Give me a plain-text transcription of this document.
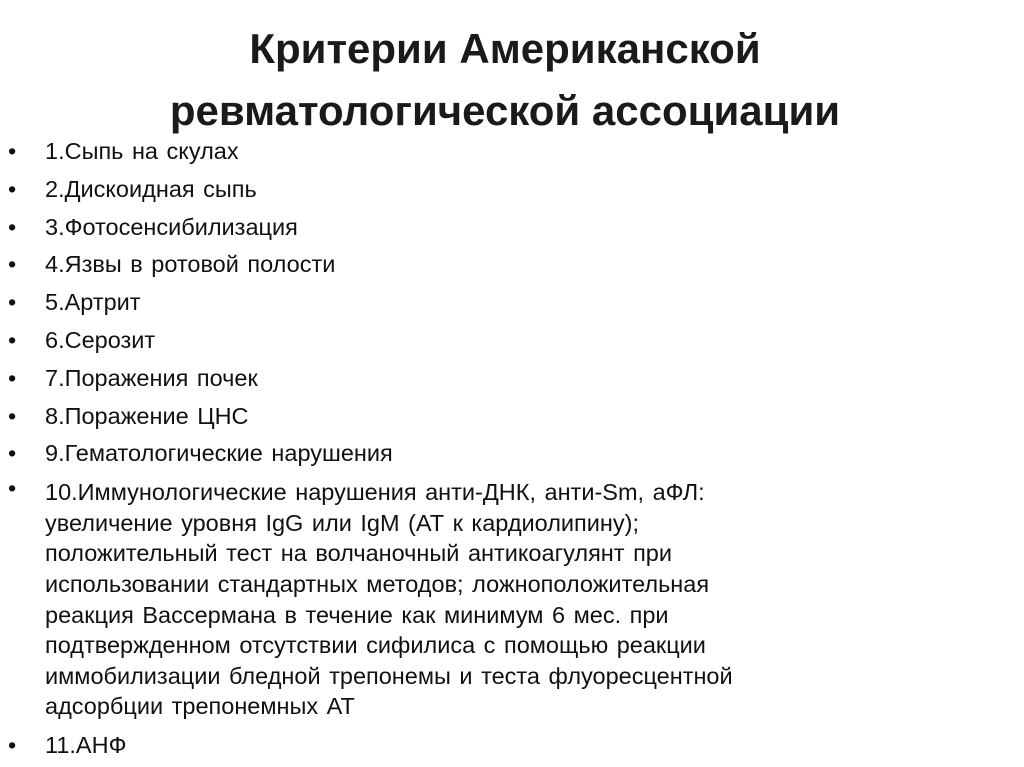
Критерии Американской
ревматологической ассоциации
• 1.Сыпь на скулах
• 2.Дискоидная сыпь
• 3.Фотосенсибилизация
• 4.Язвы в ротовой полости
• 5.Артрит
• 6.Серозит
• 7.Поражения почек
• 8.Поражение ЦНС
• 9.Гематологические нарушения
• 10.Иммунологические нарушения анти-ДНК, анти-Sm, аФЛ:
увеличение уровня IgG или IgM (АТ к кардиолипину);
положительный тест на волчаночный антикоагулянт при
использовании стандартных методов; ложноположительная
реакция Вассермана в течение как минимум 6 мес. при
подтвержденном отсутствии сифилиса с помощью реакции
иммобилизации бледной трепонемы и теста флуоресцентной
адсорбции трепонемных АТ
• 11.АНФ
